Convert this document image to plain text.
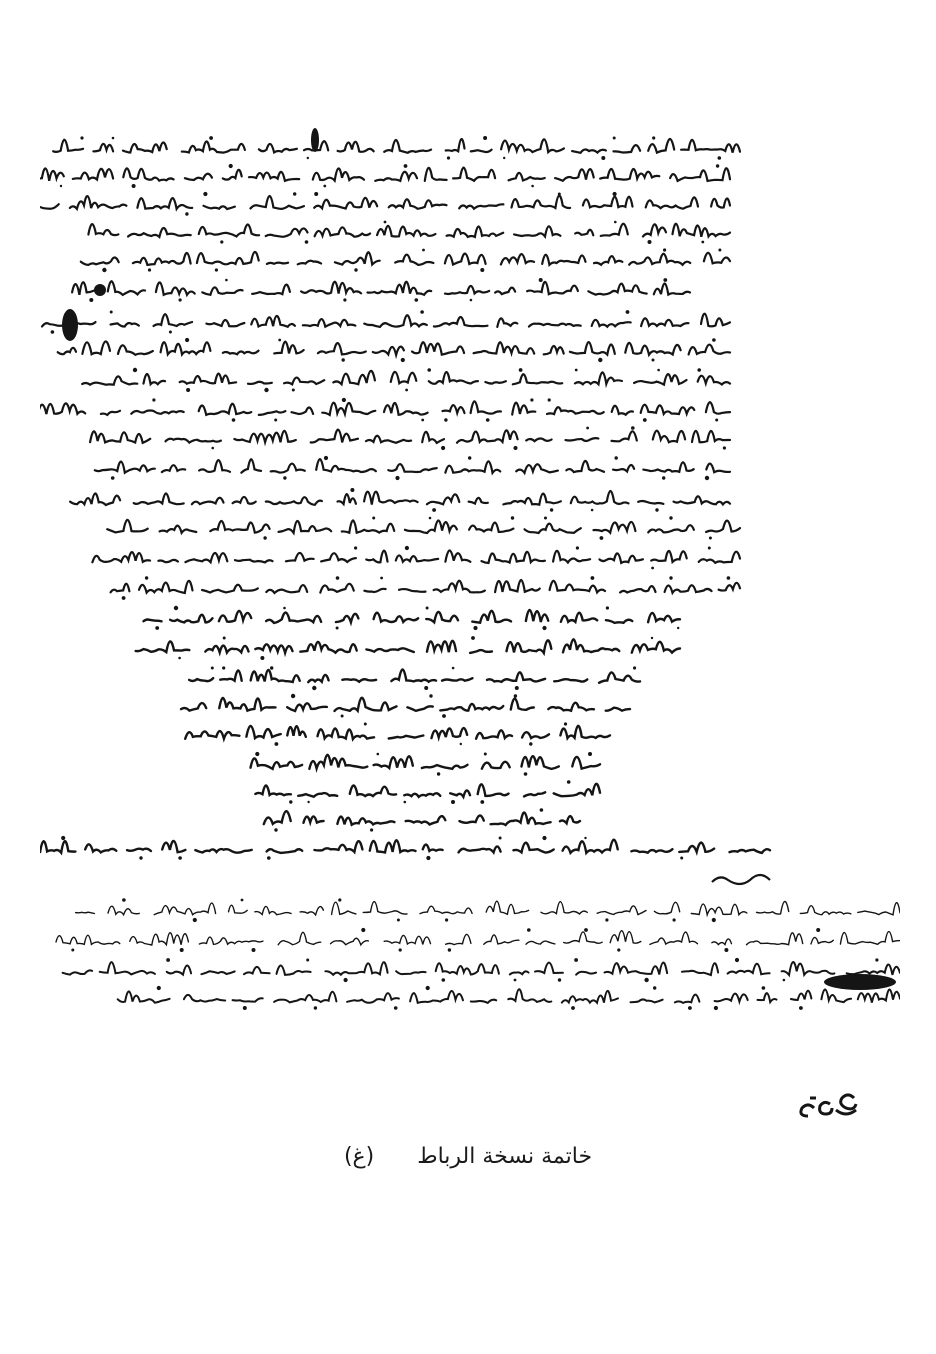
خاتمة نسخة الرباط (غ)
